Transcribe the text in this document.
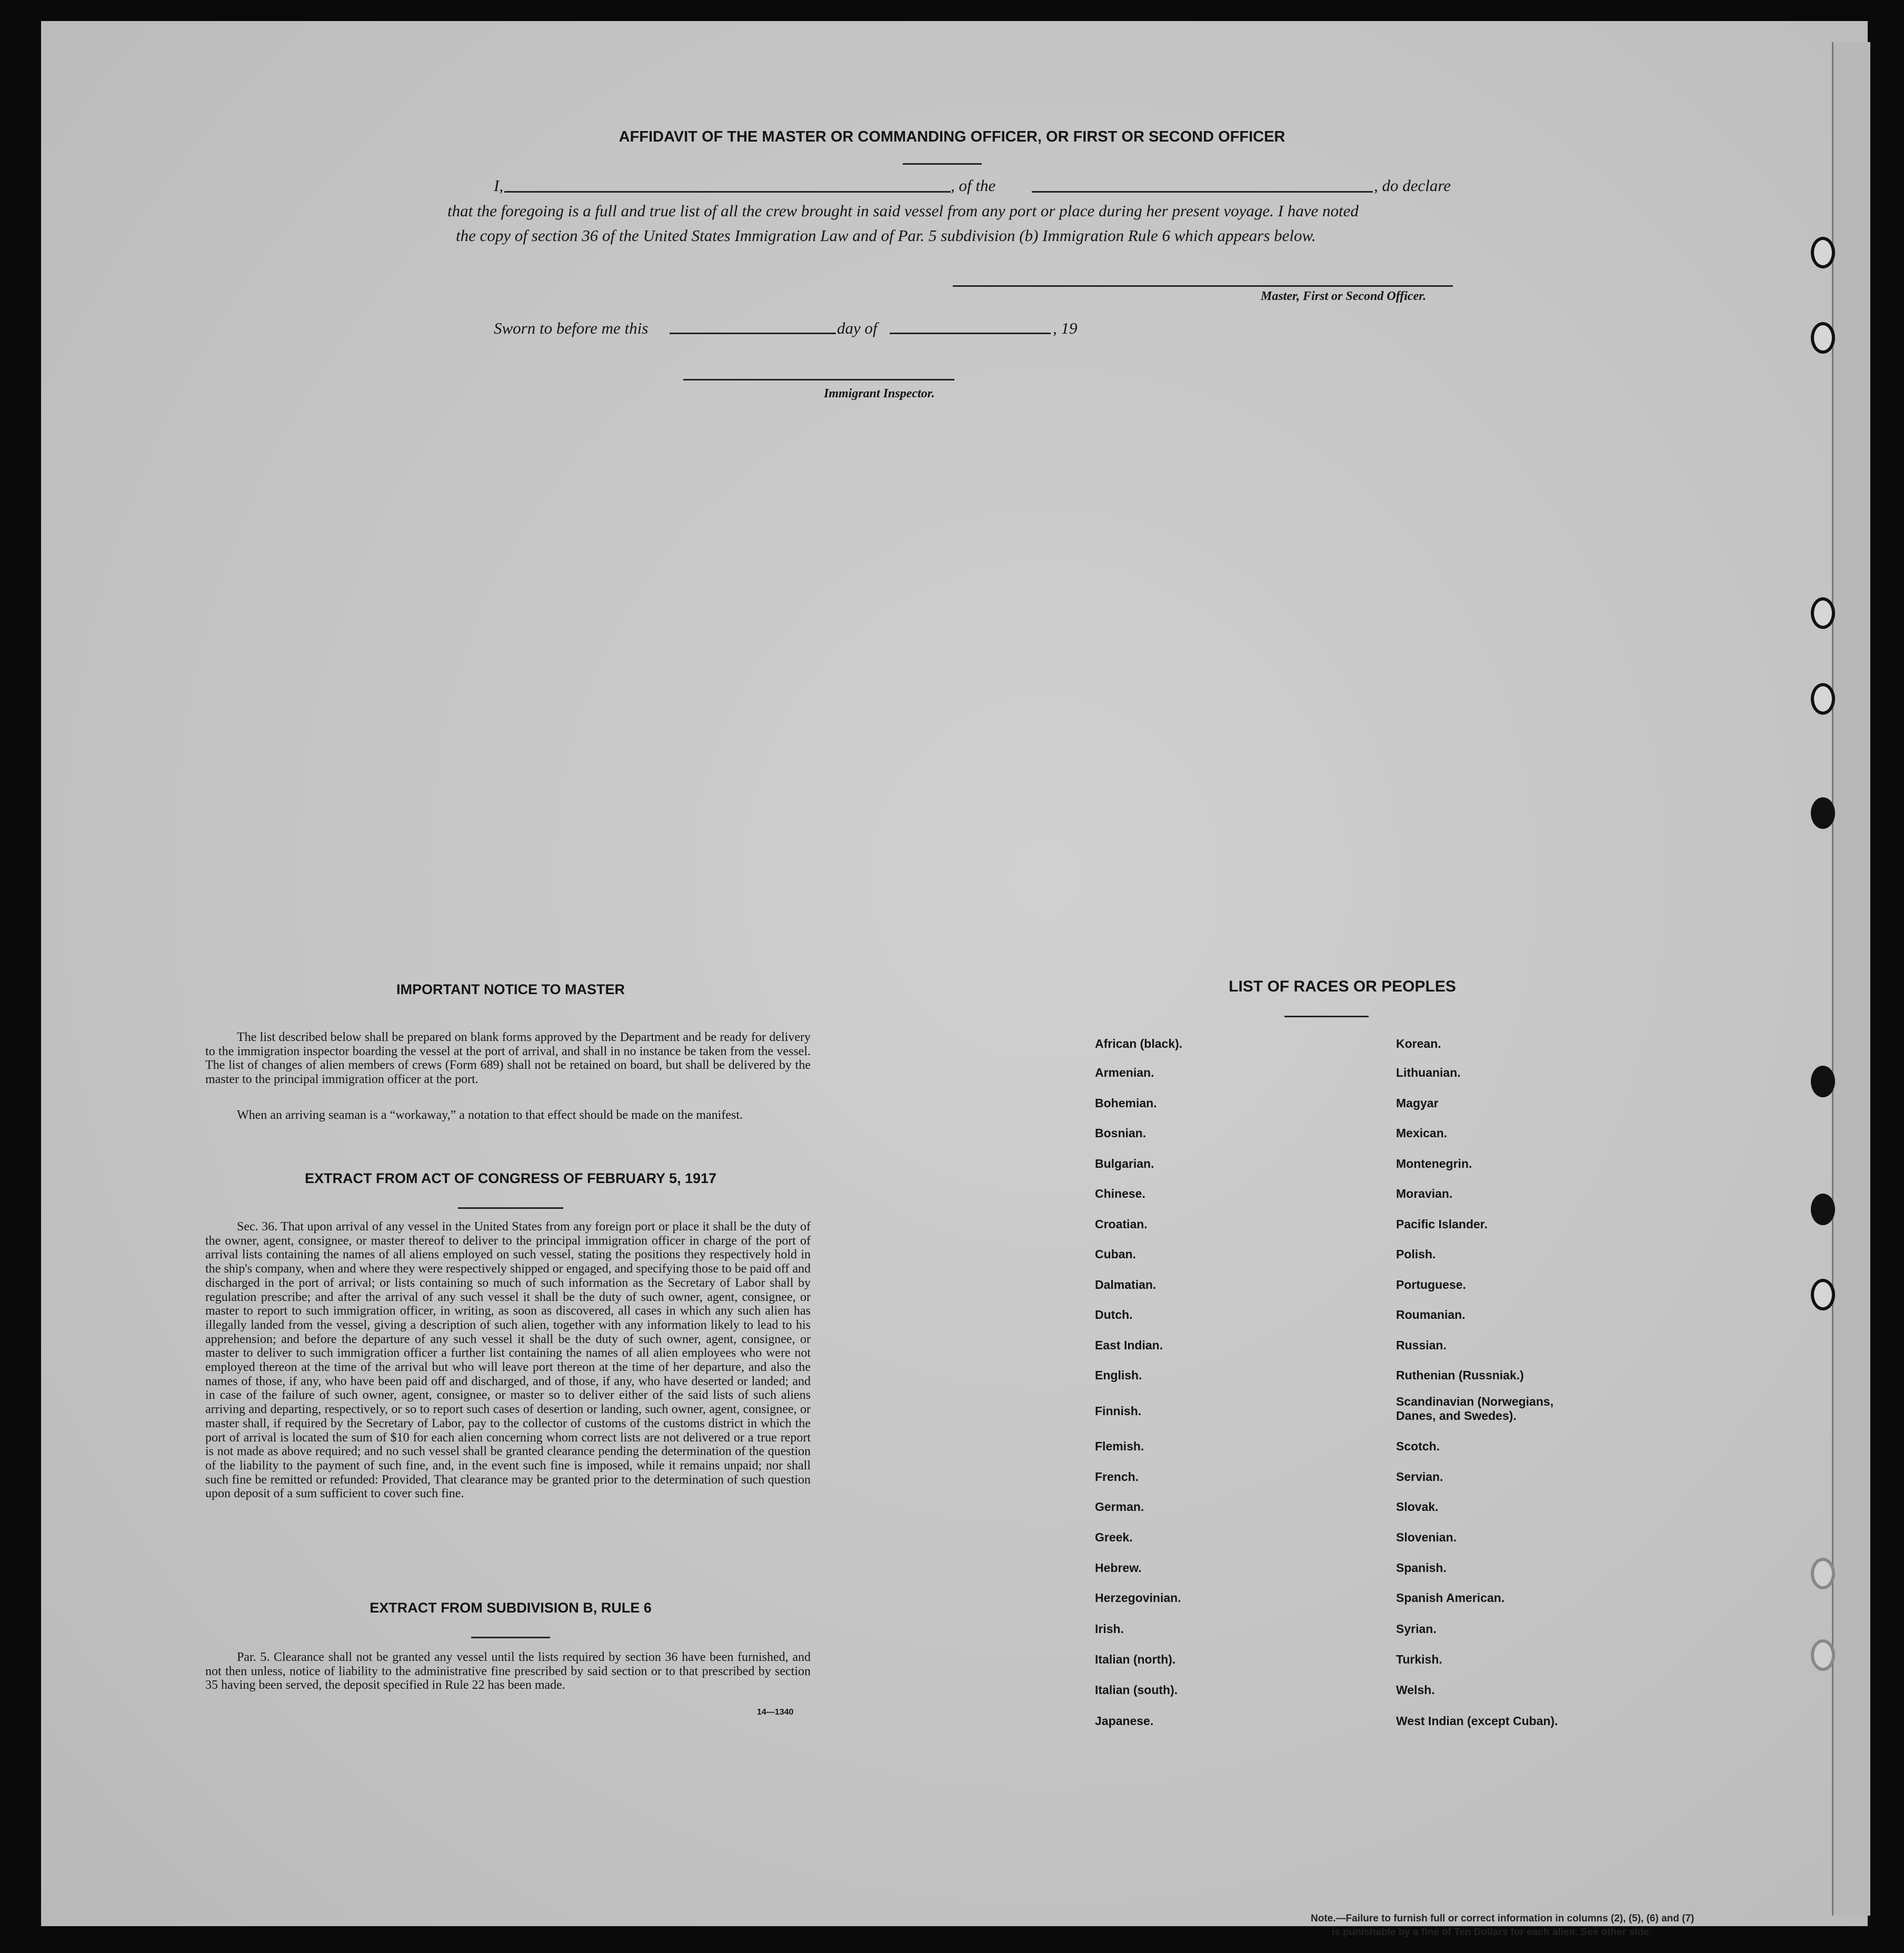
AFFIDAVIT OF THE MASTER OR COMMANDING OFFICER, OR FIRST OR SECOND OFFICER
I,	, of the	, do declare
that the foregoing is a full and true list of all the crew brought in said vessel from any port or place during her present voyage. I have noted
the copy of section 36 of the United States Immigration Law and of Par. 5 subdivision (b) Immigration Rule 6 which appears below.
Master, First or Second Officer.
Sworn to before me this	day of	, 19
Immigrant Inspector.
IMPORTANT NOTICE TO MASTER
The list described below shall be prepared on blank forms approved by the Department and be ready for delivery to the immigration inspector boarding the vessel at the port of arrival, and shall in no instance be taken from the vessel. The list of changes of alien members of crews (Form 689) shall not be retained on board, but shall be delivered by the master to the principal immigration officer at the port.
When an arriving seaman is a “workaway,” a notation to that effect should be made on the manifest.
EXTRACT FROM ACT OF CONGRESS OF FEBRUARY 5, 1917
Sec. 36. That upon arrival of any vessel in the United States from any foreign port or place it shall be the duty of the owner, agent, consignee, or master thereof to deliver to the principal immigration officer in charge of the port of arrival lists containing the names of all aliens employed on such vessel, stating the positions they respectively hold in the ship's company, when and where they were respectively shipped or engaged, and specifying those to be paid off and discharged in the port of arrival; or lists containing so much of such information as the Secretary of Labor shall by regulation prescribe; and after the arrival of any such vessel it shall be the duty of such owner, agent, consignee, or master to report to such immigration officer, in writing, as soon as discovered, all cases in which any such alien has illegally landed from the vessel, giving a description of such alien, together with any information likely to lead to his apprehension; and before the departure of any such vessel it shall be the duty of such owner, agent, consignee, or master to deliver to such immigration officer a further list containing the names of all alien employees who were not employed thereon at the time of the arrival but who will leave port thereon at the time of her departure, and also the names of those, if any, who have been paid off and discharged, and of those, if any, who have deserted or landed; and in case of the failure of such owner, agent, consignee, or master so to deliver either of the said lists of such aliens arriving and departing, respectively, or so to report such cases of desertion or landing, such owner, agent, consignee, or master shall, if required by the Secretary of Labor, pay to the collector of customs of the customs district in which the port of arrival is located the sum of $10 for each alien concerning whom correct lists are not delivered or a true report is not made as above required; and no such vessel shall be granted clearance pending the determination of the question of the liability to the payment of such fine, and, in the event such fine is imposed, while it remains unpaid; nor shall such fine be remitted or refunded: Provided, That clearance may be granted prior to the determination of such question upon deposit of a sum sufficient to cover such fine.
EXTRACT FROM SUBDIVISION B, RULE 6
Par. 5. Clearance shall not be granted any vessel until the lists required by section 36 have been furnished, and not then unless, notice of liability to the administrative fine prescribed by said section or to that prescribed by section 35 having been served, the deposit specified in Rule 22 has been made.
14—1340
LIST OF RACES OR PEOPLES
African (black).
Armenian.
Bohemian.
Bosnian.
Bulgarian.
Chinese.
Croatian.
Cuban.
Dalmatian.
Dutch.
East Indian.
English.
Finnish.
Flemish.
French.
German.
Greek.
Hebrew.
Herzegovinian.
Irish.
Italian (north).
Italian (south).
Japanese.
Korean.
Lithuanian.
Magyar
Mexican.
Montenegrin.
Moravian.
Pacific Islander.
Polish.
Portuguese.
Roumanian.
Russian.
Ruthenian (Russniak.)
Scandinavian (Norwegians, Danes, and Swedes).
Scotch.
Servian.
Slovak.
Slovenian.
Spanish.
Spanish American.
Syrian.
Turkish.
Welsh.
West Indian (except Cuban).
Note.—Failure to furnish full or correct information in columns (2), (5), (6) and (7)
is punishable by a fine of Ten Dollars for each alien. See other side.
